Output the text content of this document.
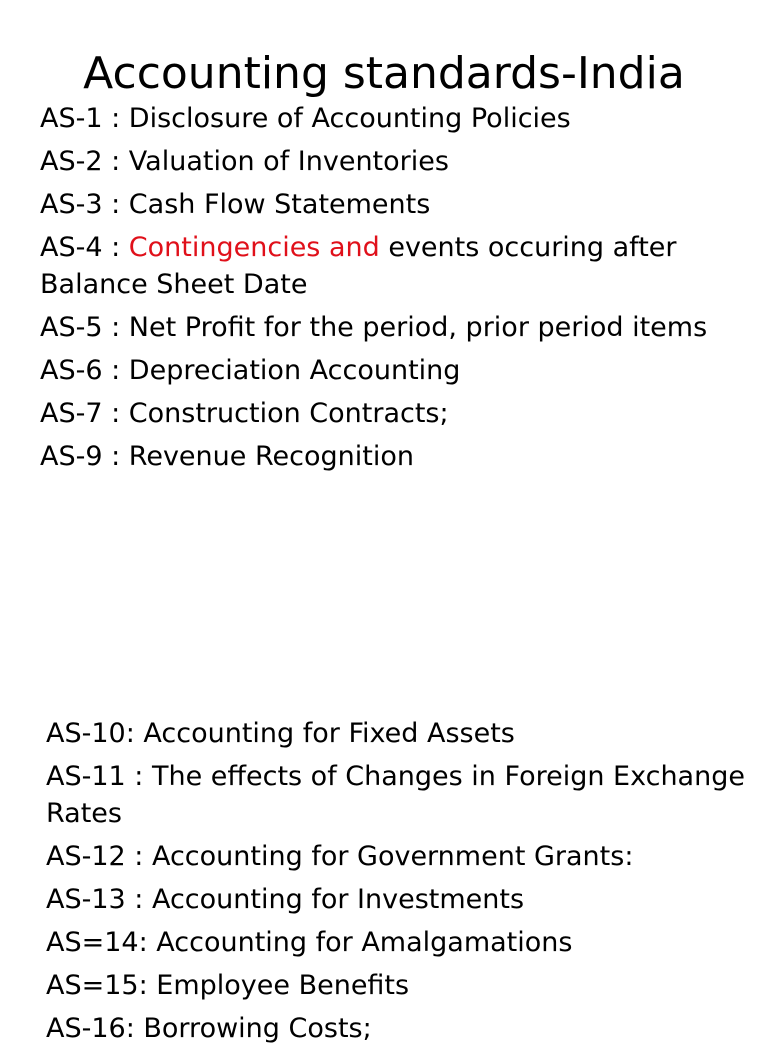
Accounting standards-India
AS-1 : Disclosure of Accounting Policies
AS-2 : Valuation of Inventories
AS-3 : Cash Flow Statements
AS-4 : Contingencies and events occuring after Balance Sheet Date
AS-5 : Net Profit for the period, prior period items
AS-6 : Depreciation Accounting
AS-7 : Construction Contracts;
AS-9 : Revenue Recognition
AS-10: Accounting for Fixed Assets
AS-11 : The effects of Changes in Foreign Exchange Rates
AS-12 : Accounting for Government Grants:
AS-13 : Accounting for Investments
AS=14: Accounting for Amalgamations
AS=15: Employee Benefits
AS-16: Borrowing Costs;
